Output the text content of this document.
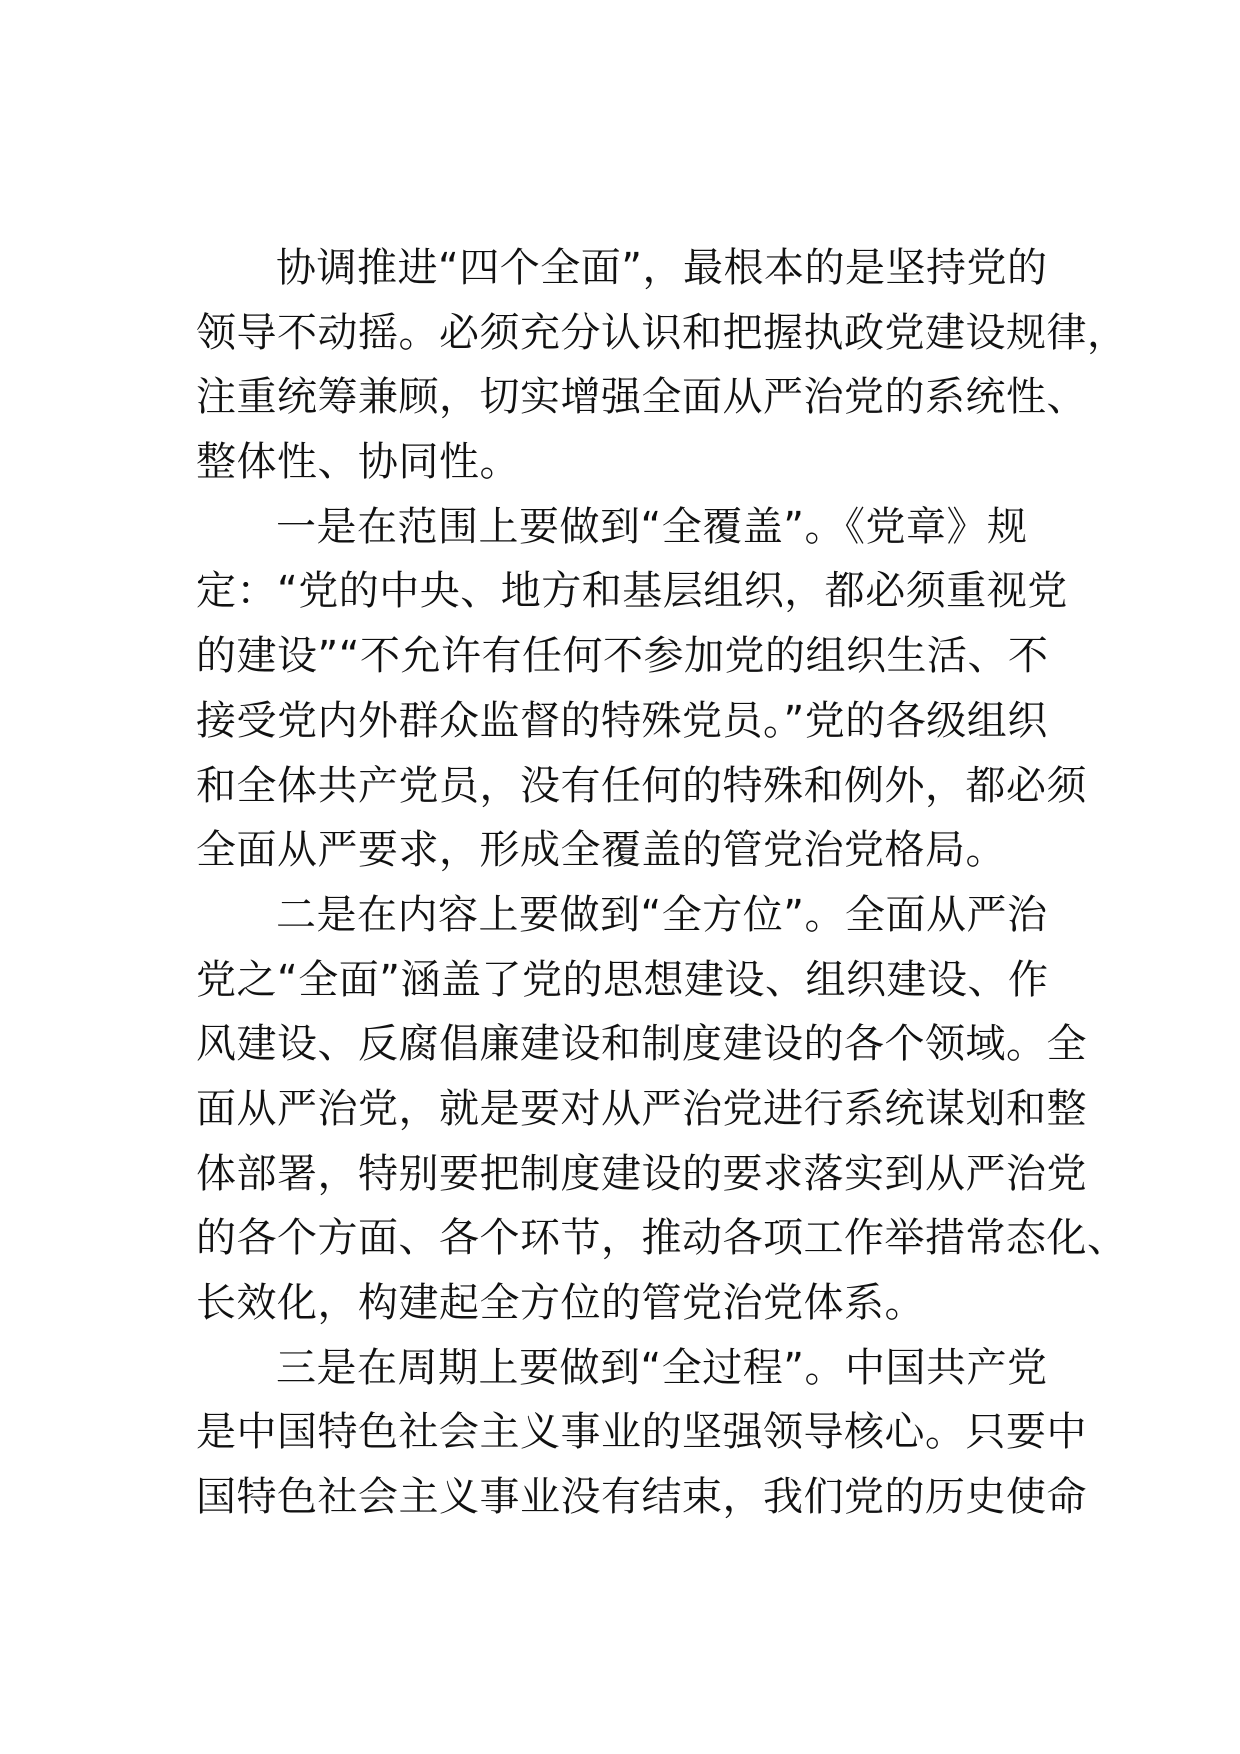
协调推进“四个全面”，最根本的是坚持党的
领导不动摇。必须充分认识和把握执政党建设规律，
注重统筹兼顾，切实增强全面从严治党的系统性、
整体性、协同性。
一是在范围上要做到“全覆盖”。《党章》规
定：“党的中央、地方和基层组织，都必须重视党
的建设”“不允许有任何不参加党的组织生活、不
接受党内外群众监督的特殊党员。”党的各级组织
和全体共产党员，没有任何的特殊和例外，都必须
全面从严要求，形成全覆盖的管党治党格局。
二是在内容上要做到“全方位”。全面从严治
党之“全面”涵盖了党的思想建设、组织建设、作
风建设、反腐倡廉建设和制度建设的各个领域。全
面从严治党，就是要对从严治党进行系统谋划和整
体部署，特别要把制度建设的要求落实到从严治党
的各个方面、各个环节，推动各项工作举措常态化、
长效化，构建起全方位的管党治党体系。
三是在周期上要做到“全过程”。中国共产党
是中国特色社会主义事业的坚强领导核心。只要中
国特色社会主义事业没有结束，我们党的历史使命
